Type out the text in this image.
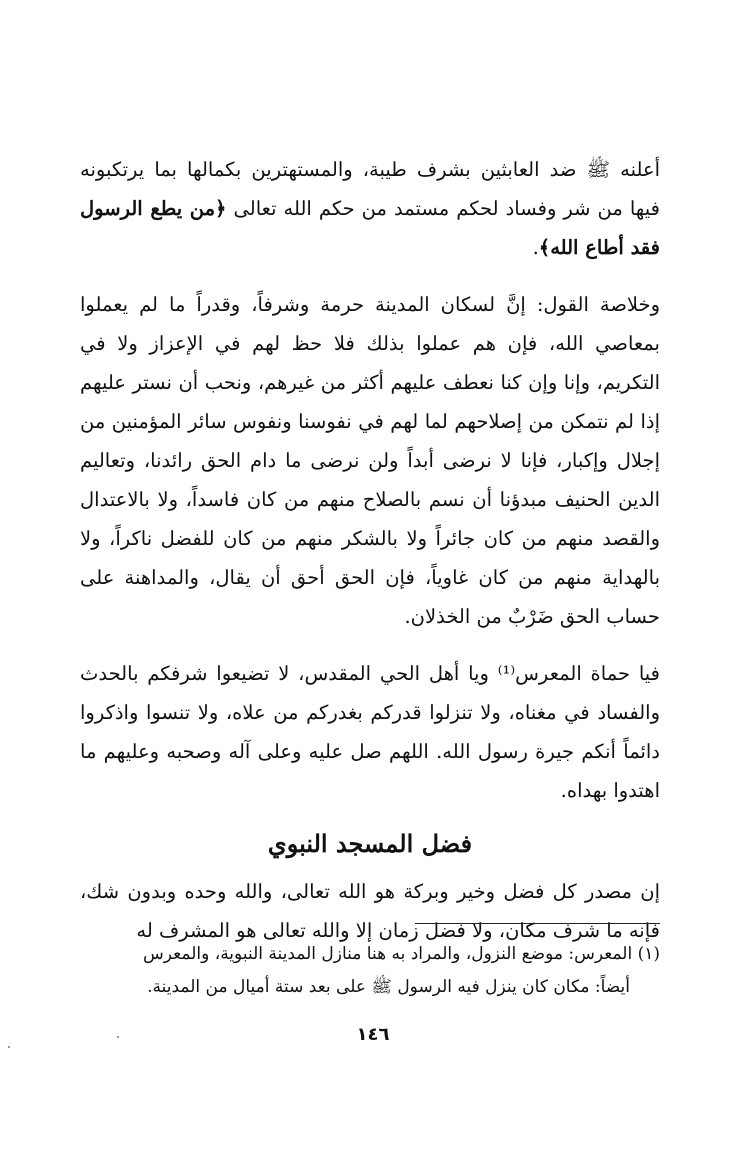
أعلنه ﷺ ضد العابثين بشرف طيبة، والمستهترين بكمالها بما يرتكبونه فيها من شر وفساد لحكم مستمد من حكم الله تعالى ﴿من يطع الرسول فقد أطاع الله﴾.
وخلاصة القول: إنَّ لسكان المدينة حرمة وشرفاً، وقدراً ما لم يعملوا بمعاصي الله، فإن هم عملوا بذلك فلا حظ لهم في الإعزاز ولا في التكريم، وإنا وإن كنا نعطف عليهم أكثر من غيرهم، ونحب أن نستر عليهم إذا لم نتمكن من إصلاحهم لما لهم في نفوسنا ونفوس سائر المؤمنين من إجلال وإكبار، فإنا لا نرضى أبداً ولن نرضى ما دام الحق رائدنا، وتعاليم الدين الحنيف مبدؤنا أن نسم بالصلاح منهم من كان فاسداً، ولا بالاعتدال والقصد منهم من كان جائراً ولا بالشكر منهم من كان للفضل ناكراً، ولا بالهداية منهم من كان غاوياً، فإن الحق أحق أن يقال، والمداهنة على حساب الحق ضَرْبٌ من الخذلان.
فيا حماة المعرس⁽¹⁾ ويا أهل الحي المقدس، لا تضيعوا شرفكم بالحدث والفساد في مغناه، ولا تنزلوا قدركم بغدركم من علاه، ولا تنسوا واذكروا دائماً أنكم جيرة رسول الله. اللهم صل عليه وعلى آله وصحبه وعليهم ما اهتدوا بهداه.
فضل المسجد النبوي
إن مصدر كل فضل وخير وبركة هو الله تعالى، والله وحده وبدون شك، فإنه ما شرف مكان، ولا فضل زمان إلا والله تعالى هو المشرف له
(١) المعرس: موضع النزول، والمراد به هنا منازل المدينة النبوية، والمعرس
أيضاً: مكان كان ينزل فيه الرسول ﷺ على بعد ستة أميال من المدينة.
١٤٦
